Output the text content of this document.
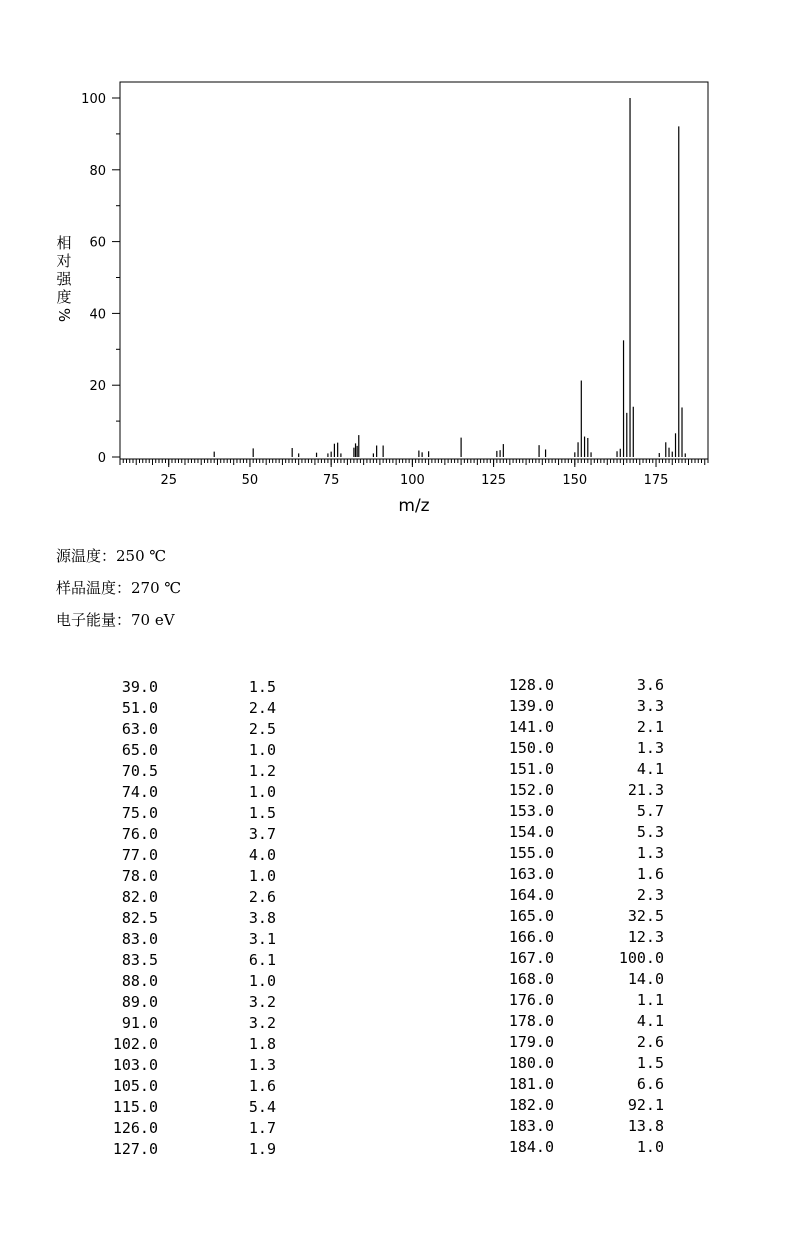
25	50	75	100	125	150	175
0
20
40
60
80
100
m/z
相
对
强
度
%
源温度：250 ℃
样品温度：270 ℃
电子能量：70 eV
39.0	1.5
51.0	2.4
63.0	2.5
65.0	1.0
70.5	1.2
74.0	1.0
75.0	1.5
76.0	3.7
77.0	4.0
78.0	1.0
82.0	2.6
82.5	3.8
83.0	3.1
83.5	6.1
88.0	1.0
89.0	3.2
91.0	3.2
102.0	1.8
103.0	1.3
105.0	1.6
115.0	5.4
126.0	1.7
127.0	1.9
128.0	3.6
139.0	3.3
141.0	2.1
150.0	1.3
151.0	4.1
152.0	21.3
153.0	5.7
154.0	5.3
155.0	1.3
163.0	1.6
164.0	2.3
165.0	32.5
166.0	12.3
167.0	100.0
168.0	14.0
176.0	1.1
178.0	4.1
179.0	2.6
180.0	1.5
181.0	6.6
182.0	92.1
183.0	13.8
184.0	1.0
